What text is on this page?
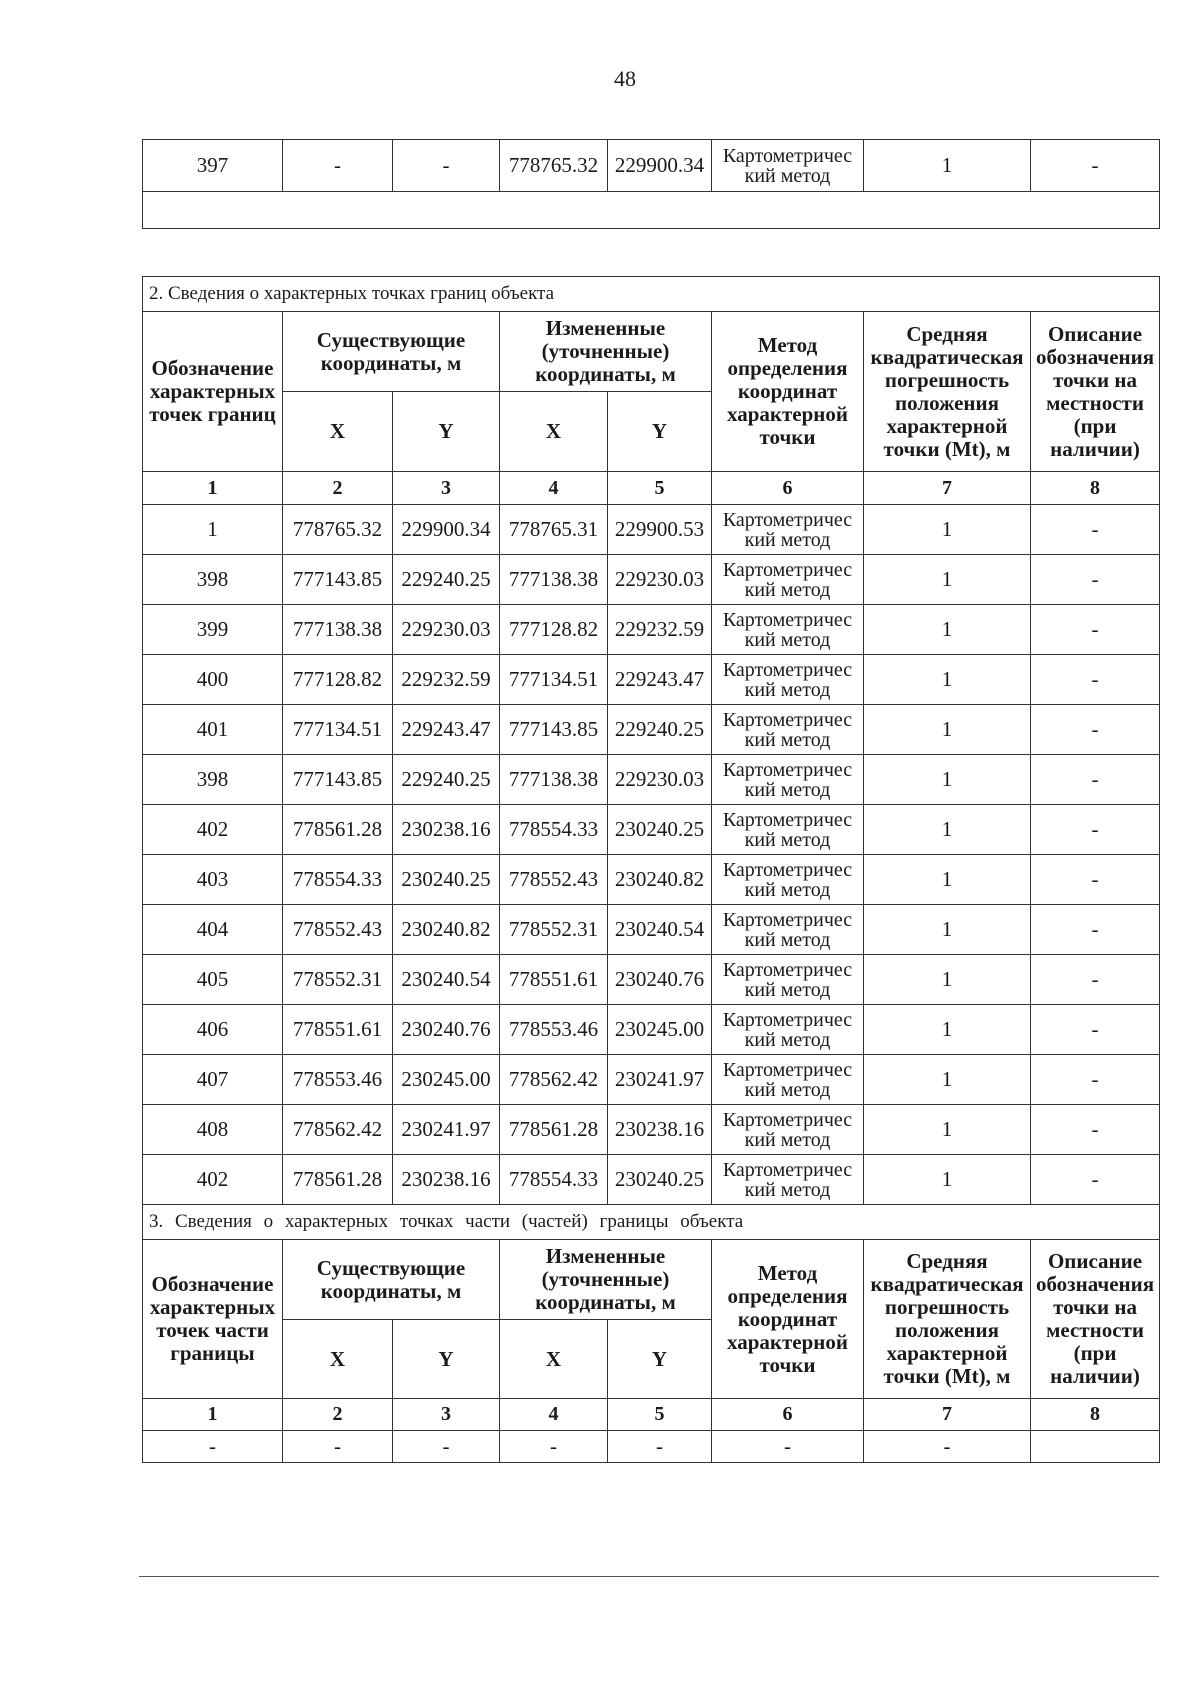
48
397	-	-	778765.32	229900.34	Картометричес кий метод	1	-

2. Сведения о характерных точках границ объекта							
Обозначение характерных точек границ	Существующие координаты, м		Измененные (уточненные) координаты, м		Метод определения координат характерной точки	Средняя квадратическая погрешность положения характерной точки (Mt), м	Описание обозначения точки на местности (при наличии)
	X	Y	X	Y			
1	2	3	4	5	6	7	8
1	778765.32	229900.34	778765.31	229900.53	Картометричес кий метод	1	-
398	777143.85	229240.25	777138.38	229230.03	Картометричес кий метод	1	-
399	777138.38	229230.03	777128.82	229232.59	Картометричес кий метод	1	-
400	777128.82	229232.59	777134.51	229243.47	Картометричес кий метод	1	-
401	777134.51	229243.47	777143.85	229240.25	Картометричес кий метод	1	-
398	777143.85	229240.25	777138.38	229230.03	Картометричес кий метод	1	-
402	778561.28	230238.16	778554.33	230240.25	Картометричес кий метод	1	-
403	778554.33	230240.25	778552.43	230240.82	Картометричес кий метод	1	-
404	778552.43	230240.82	778552.31	230240.54	Картометричес кий метод	1	-
405	778552.31	230240.54	778551.61	230240.76	Картометричес кий метод	1	-
406	778551.61	230240.76	778553.46	230245.00	Картометричес кий метод	1	-
407	778553.46	230245.00	778562.42	230241.97	Картометричес кий метод	1	-
408	778562.42	230241.97	778561.28	230238.16	Картометричес кий метод	1	-
402	778561.28	230238.16	778554.33	230240.25	Картометричес кий метод	1	-
3. Сведения о характерных точках части (частей) границы объекта							
Обозначение характерных точек части границы	Существующие координаты, м		Измененные (уточненные) координаты, м		Метод определения координат характерной точки	Средняя квадратическая погрешность положения характерной точки (Mt), м	Описание обозначения точки на местности (при наличии)
	X	Y	X	Y			
1	2	3	4	5	6	7	8
-	-	-	-	-	-	-	
